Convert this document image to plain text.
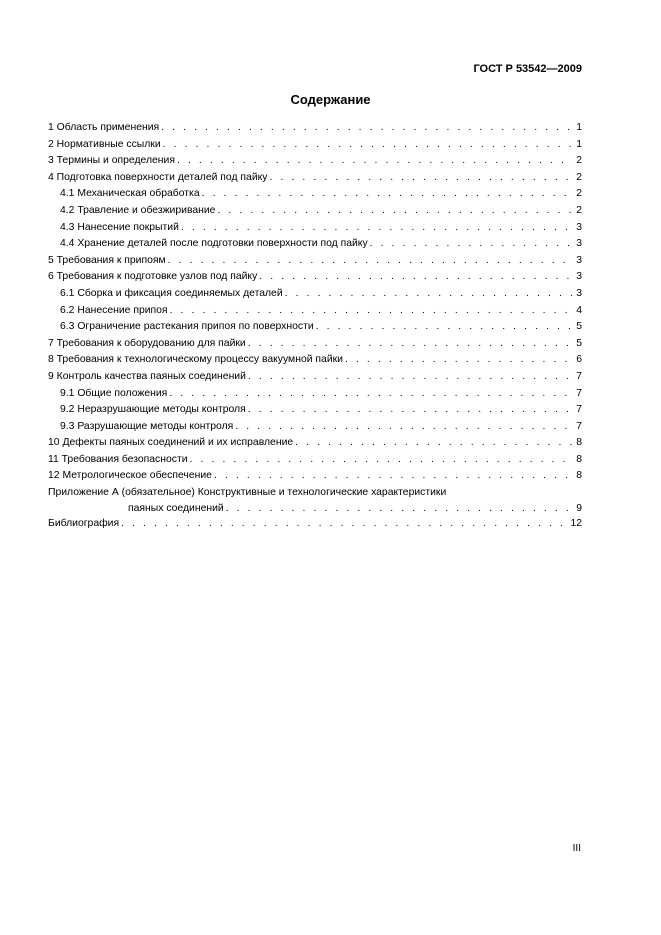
ГОСТ Р 53542—2009
Содержание
1 Область применения . . .	1
2 Нормативные ссылки . . .	1
3 Термины и определения . . .	2
4 Подготовка поверхности деталей под пайку . . .	2
4.1 Механическая обработка . . .	2
4.2 Травление и обезжиривание . . .	2
4.3 Нанесение покрытий . . .	3
4.4 Хранение деталей после подготовки поверхности под пайку . . .	3
5 Требования к припоям . . .	3
6 Требования к подготовке узлов под пайку . . .	3
6.1 Сборка и фиксация соединяемых деталей . . .	3
6.2 Нанесение припоя . . .	4
6.3 Ограничение растекания припоя по поверхности . . .	5
7 Требования к оборудованию для пайки . . .	5
8 Требования к технологическому процессу вакуумной пайки . . .	6
9 Контроль качества паяных соединений . . .	7
9.1 Общие положения . . .	7
9.2 Неразрушающие методы контроля . . .	7
9.3 Разрушающие методы контроля . . .	7
10 Дефекты паяных соединений и их исправление . . .	8
11 Требования безопасности . . .	8
12 Метрологическое обеспечение . . .	8
Приложение А (обязательное) Конструктивные и технологические характеристики
паяных соединений . . .	9
Библиография . . .	12
III
